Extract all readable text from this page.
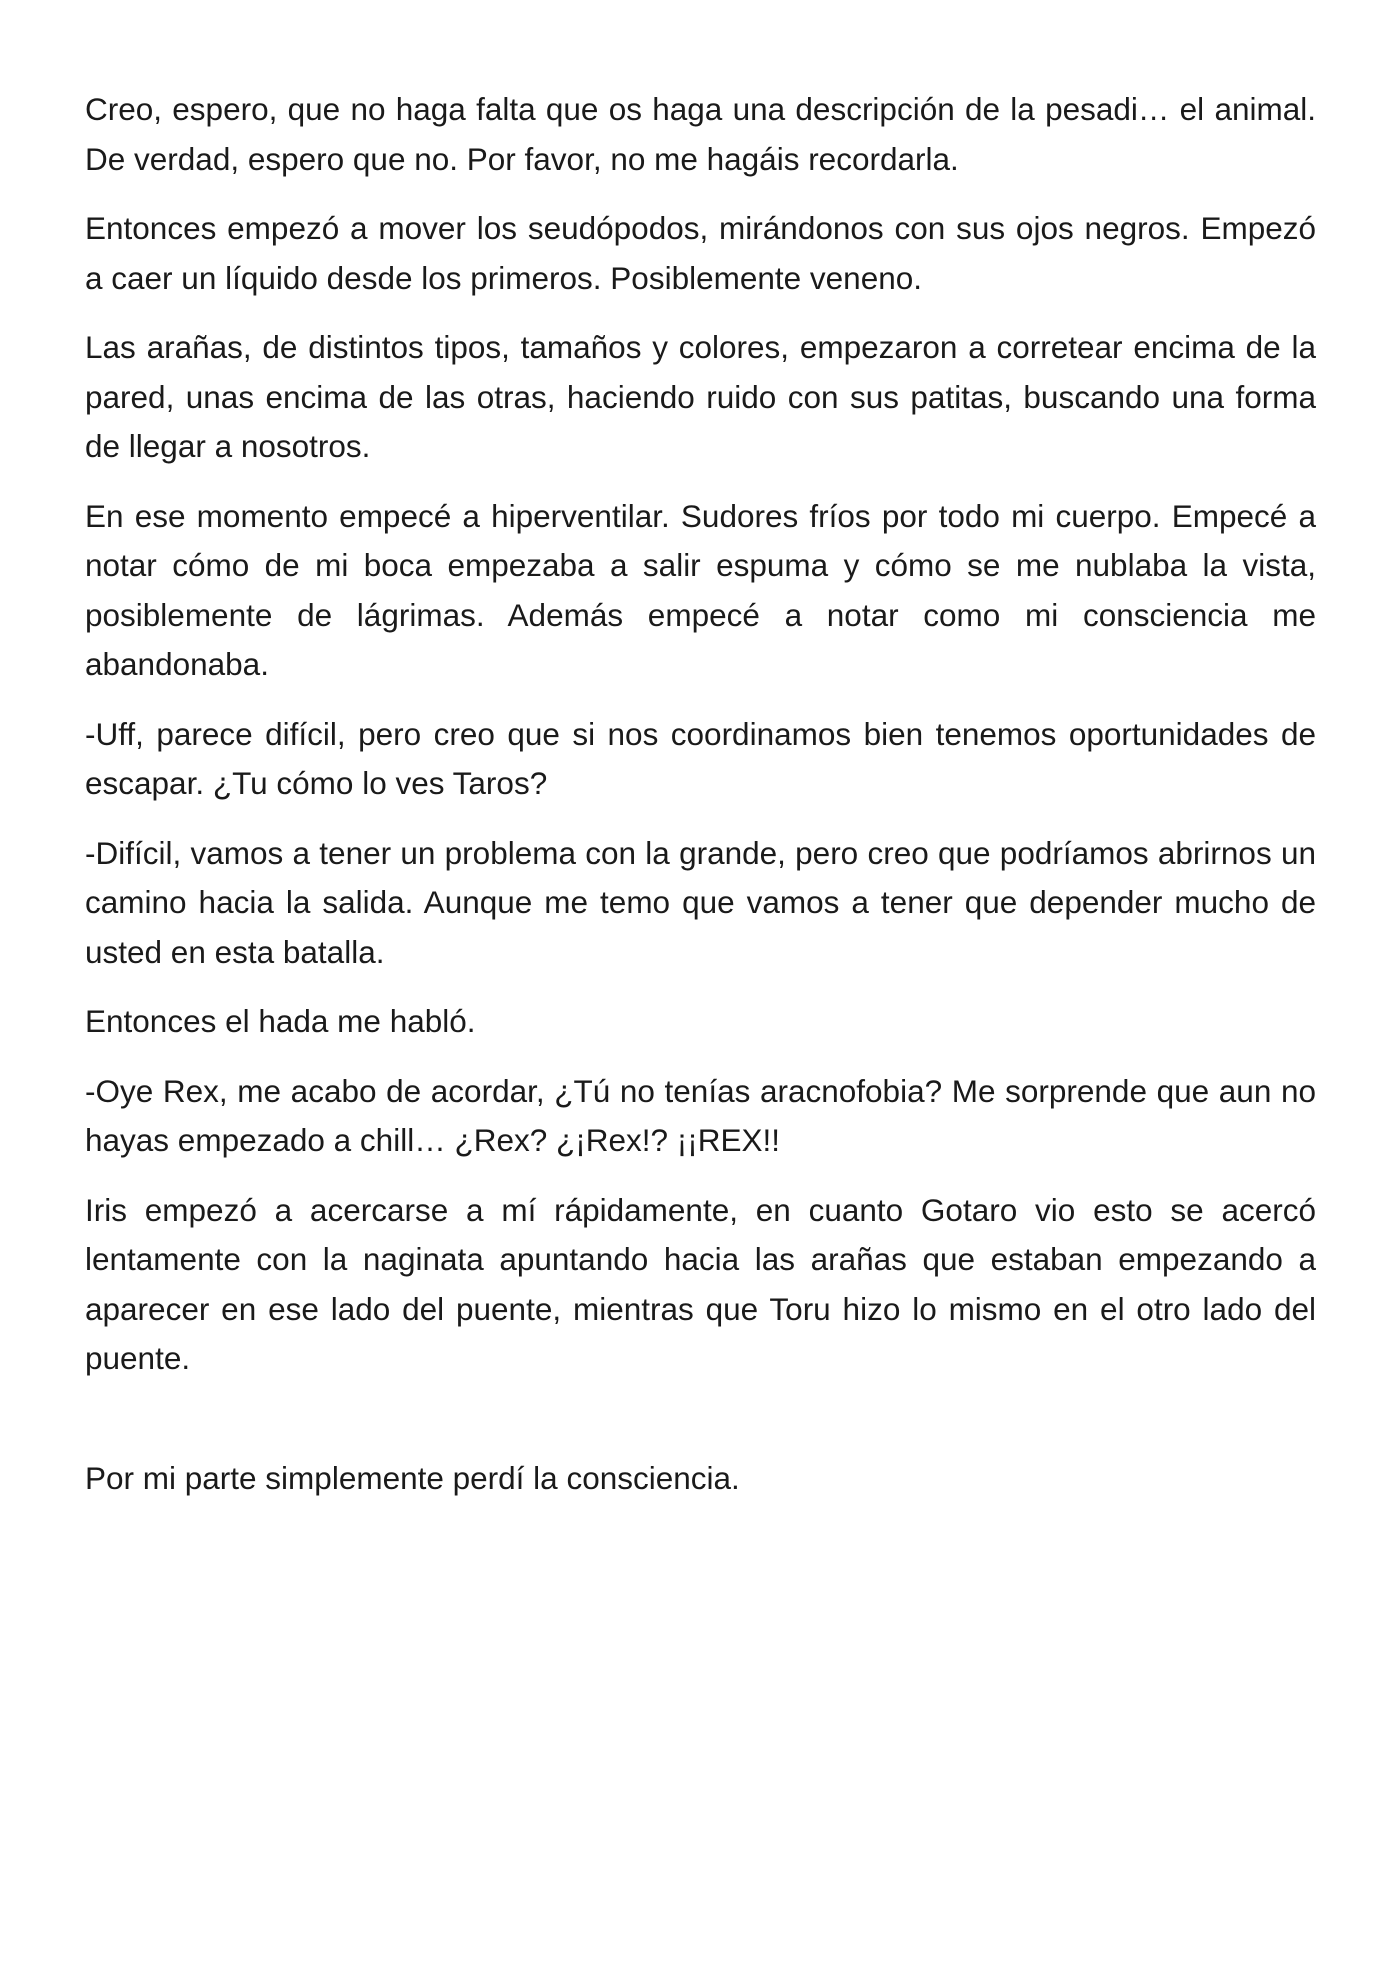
Creo, espero, que no haga falta que os haga una descripción de la pesadi… el animal. De verdad, espero que no. Por favor, no me hagáis recordarla.

Entonces empezó a mover los seudópodos, mirándonos con sus ojos negros. Empezó a caer un líquido desde los primeros. Posiblemente veneno.

Las arañas, de distintos tipos, tamaños y colores, empezaron a corretear encima de la pared, unas encima de las otras, haciendo ruido con sus patitas, buscando una forma de llegar a nosotros.

En ese momento empecé a hiperventilar. Sudores fríos por todo mi cuerpo. Empecé a notar cómo de mi boca empezaba a salir espuma y cómo se me nublaba la vista, posiblemente de lágrimas. Además empecé a notar como mi consciencia me abandonaba.

-Uff, parece difícil, pero creo que si nos coordinamos bien tenemos oportunidades de escapar. ¿Tu cómo lo ves Taros?

-Difícil, vamos a tener un problema con la grande, pero creo que podríamos abrirnos un camino hacia la salida. Aunque me temo que vamos a tener que depender mucho de usted en esta batalla.

Entonces el hada me habló.

-Oye Rex, me acabo de acordar, ¿Tú no tenías aracnofobia? Me sorprende que aun no hayas empezado a chill… ¿Rex? ¿¡Rex!? ¡¡REX!!

Iris empezó a acercarse a mí rápidamente, en cuanto Gotaro vio esto se acercó lentamente con la naginata apuntando hacia las arañas que estaban empezando a aparecer en ese lado del puente, mientras que Toru hizo lo mismo en el otro lado del puente.

Por mi parte simplemente perdí la consciencia.
